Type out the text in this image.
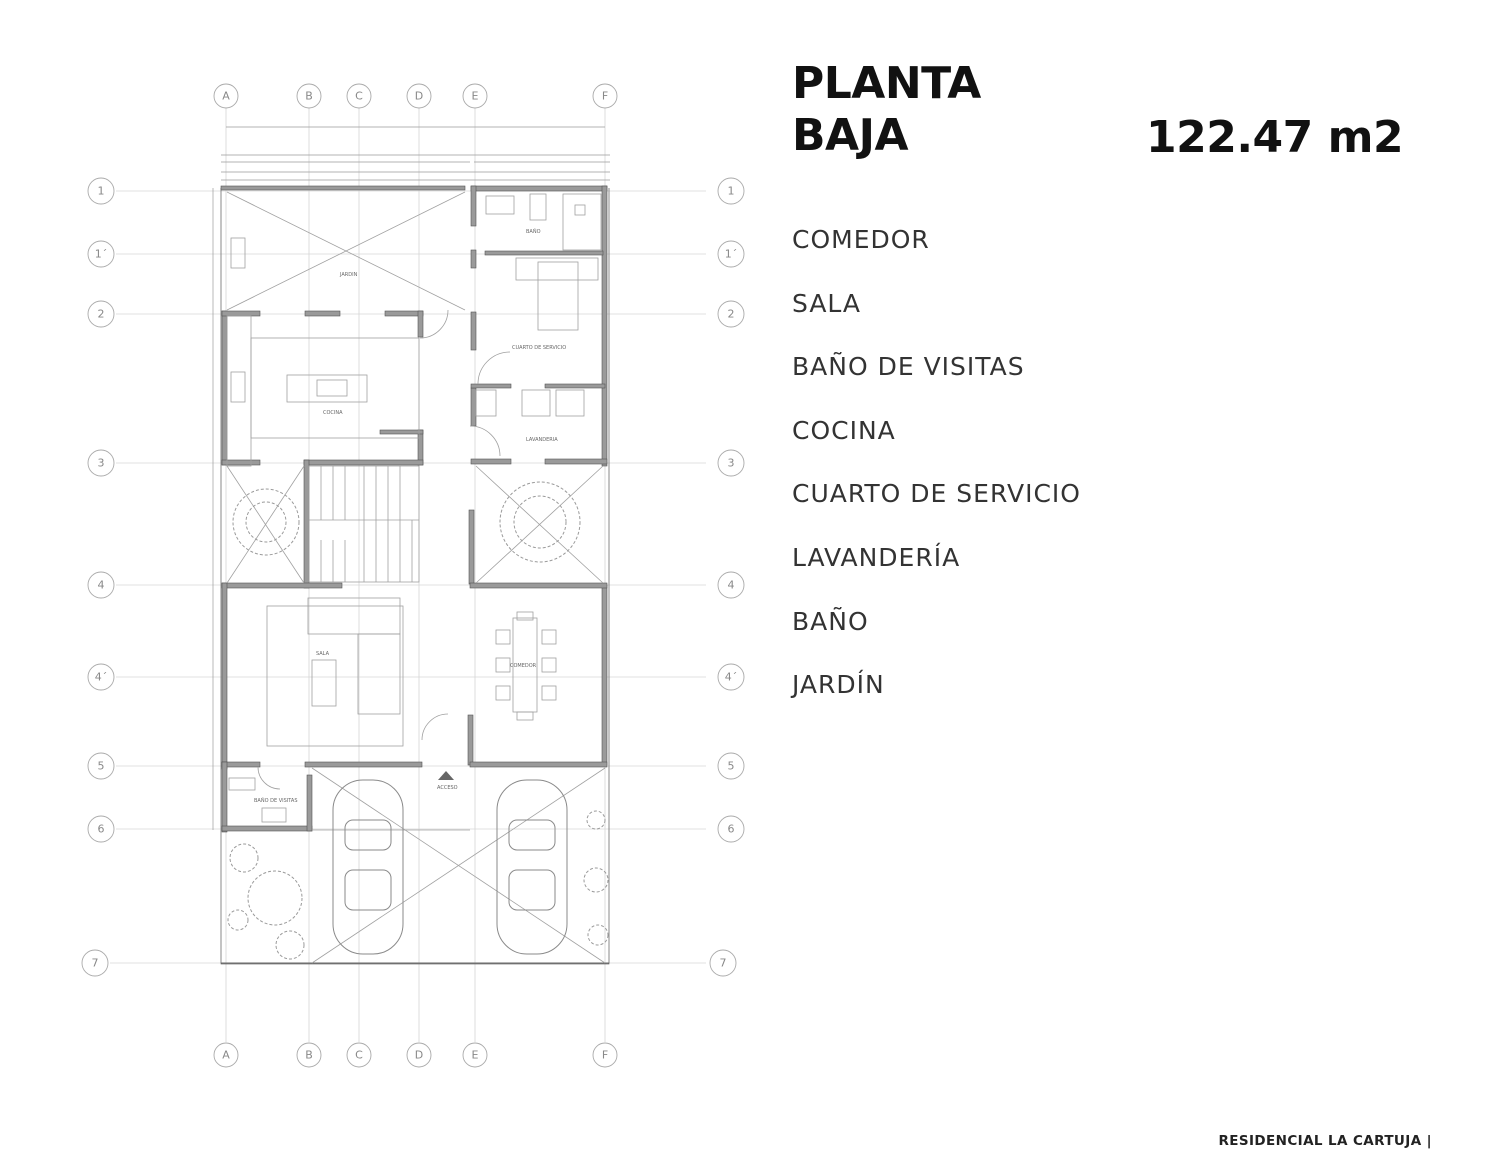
BAÑO
JARDIN
CUARTO DE SERVICIO
COCINA
LAVANDERIA
SALA
COMEDOR
BAÑO DE VISITAS
ACCESO
A	B	C	D	E	F
A	B	C	D	E	F
1
1´
2
3
4
4´
5
6
7
1
1´
2
3
4
4´
5
6
7
PLANTA
BAJA	122.47 m2
COMEDOR
SALA
BAÑO DE VISITAS
COCINA
CUARTO DE SERVICIO
LAVANDERÍA
BAÑO
JARDÍN
RESIDENCIAL LA CARTUJA |
